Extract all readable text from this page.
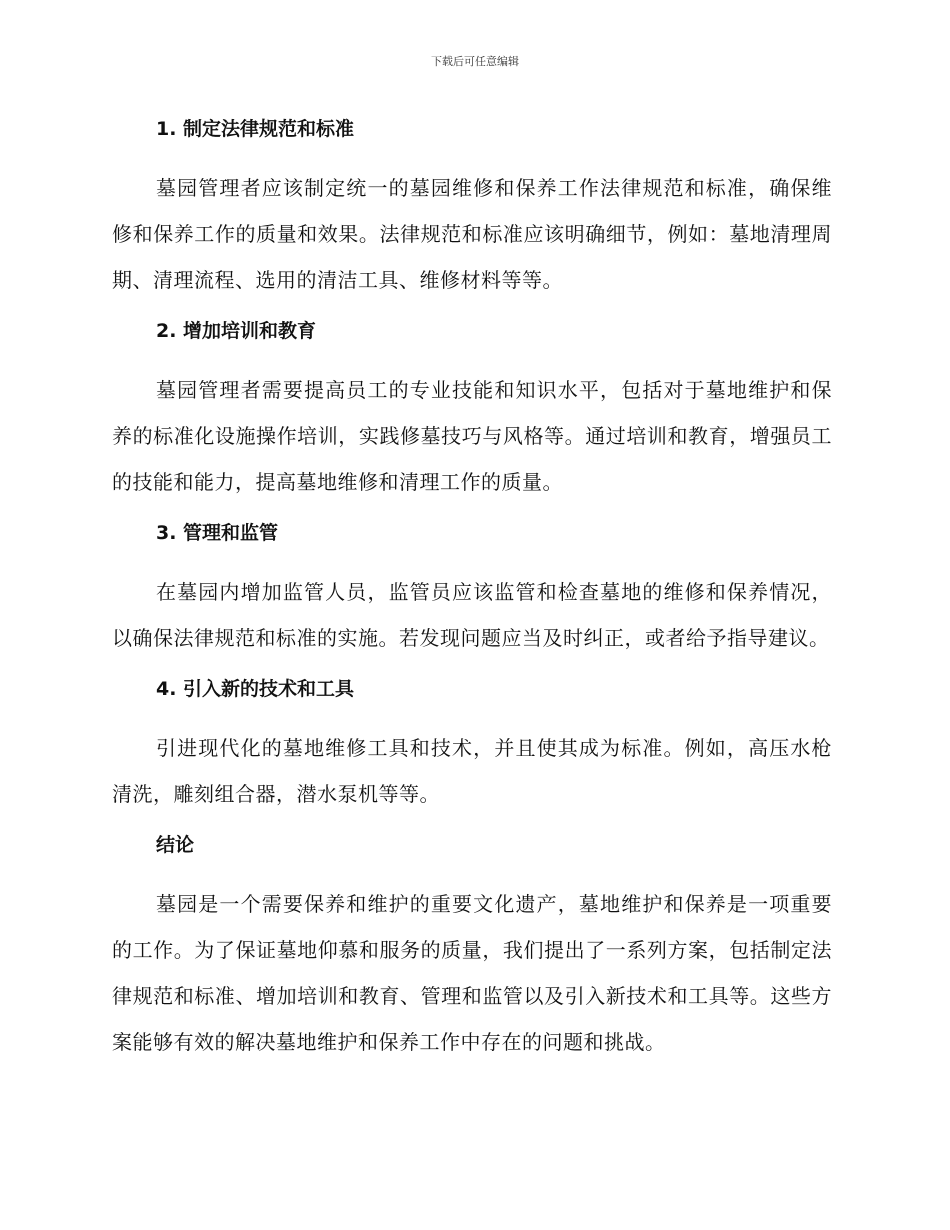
下载后可任意编辑
1. 制定法律规范和标准

墓园管理者应该制定统一的墓园维修和保养工作法律规范和标准，确保维修和保养工作的质量和效果。法律规范和标准应该明确细节，例如：墓地清理周期、清理流程、选用的清洁工具、维修材料等等。

2. 增加培训和教育

墓园管理者需要提高员工的专业技能和知识水平，包括对于墓地维护和保养的标准化设施操作培训，实践修墓技巧与风格等。通过培训和教育，增强员工的技能和能力，提高墓地维修和清理工作的质量。

3. 管理和监管

在墓园内增加监管人员，监管员应该监管和检查墓地的维修和保养情况，以确保法律规范和标准的实施。若发现问题应当及时纠正，或者给予指导建议。

4. 引入新的技术和工具

引进现代化的墓地维修工具和技术，并且使其成为标准。例如，高压水枪清洗，雕刻组合器，潜水泵机等等。

结论

墓园是一个需要保养和维护的重要文化遗产，墓地维护和保养是一项重要的工作。为了保证墓地仰慕和服务的质量，我们提出了一系列方案，包括制定法律规范和标准、增加培训和教育、管理和监管以及引入新技术和工具等。这些方案能够有效的解决墓地维护和保养工作中存在的问题和挑战。
